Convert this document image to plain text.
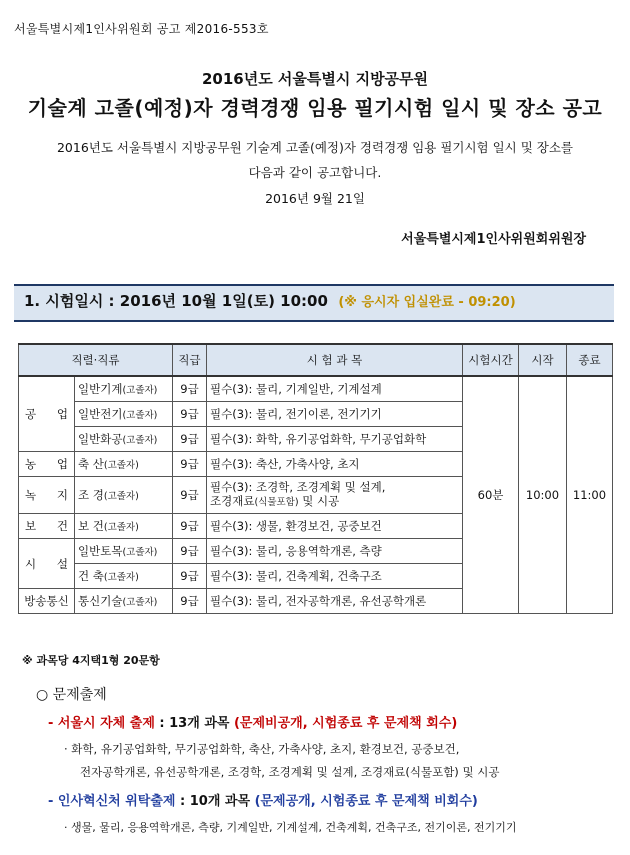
서울특별시제1인사위원회 공고 제2016-553호
2016년도 서울특별시 지방공무원
기술계 고졸(예정)자 경력경쟁 임용 필기시험 일시 및 장소 공고
2016년도 서울특별시 지방공무원 기술계 고졸(예정)자 경력경쟁 임용 필기시험 일시 및 장소를
다음과 같이 공고합니다.
2016년 9월 21일
서울특별시제1인사위원회위원장
1. 시험일시 : 2016년 10월 1일(토) 10:00 (※ 응시자 입실완료 - 09:20)
직렬·직류		직급	시 험 과 목	시험시간	시작	종료
공 업	일반기계(고졸자)	9급	필수(3): 물리, 기계일반, 기계설계	60분	10:00	11:00
	일반전기(고졸자)	9급	필수(3): 물리, 전기이론, 전기기기			
	일반화공(고졸자)	9급	필수(3): 화학, 유기공업화학, 무기공업화학			
농 업	축 산(고졸자)	9급	필수(3): 축산, 가축사양, 초지			
녹 지	조 경(고졸자)	9급	필수(3): 조경학, 조경계획 및 설계,
조경재료(식물포함) 및 시공			
보 건	보 건(고졸자)	9급	필수(3): 생물, 환경보건, 공중보건			
시 설	일반토목(고졸자)	9급	필수(3): 물리, 응용역학개론, 측량			
	건 축(고졸자)	9급	필수(3): 물리, 건축계획, 건축구조			
방송통신	통신기술(고졸자)	9급	필수(3): 물리, 전자공학개론, 유선공학개론			
※ 과목당 4지택1형 20문항
○ 문제출제
- 서울시 자체 출제 : 13개 과목 (문제비공개, 시험종료 후 문제책 회수)
· 화학, 유기공업화학, 무기공업화학, 축산, 가축사양, 초지, 환경보건, 공중보건,
전자공학개론, 유선공학개론, 조경학, 조경계획 및 설계, 조경재료(식물포함) 및 시공
- 인사혁신처 위탁출제 : 10개 과목 (문제공개, 시험종료 후 문제책 비회수)
· 생물, 물리, 응용역학개론, 측량, 기계일반, 기계설계, 건축계획, 건축구조, 전기이론, 전기기기
